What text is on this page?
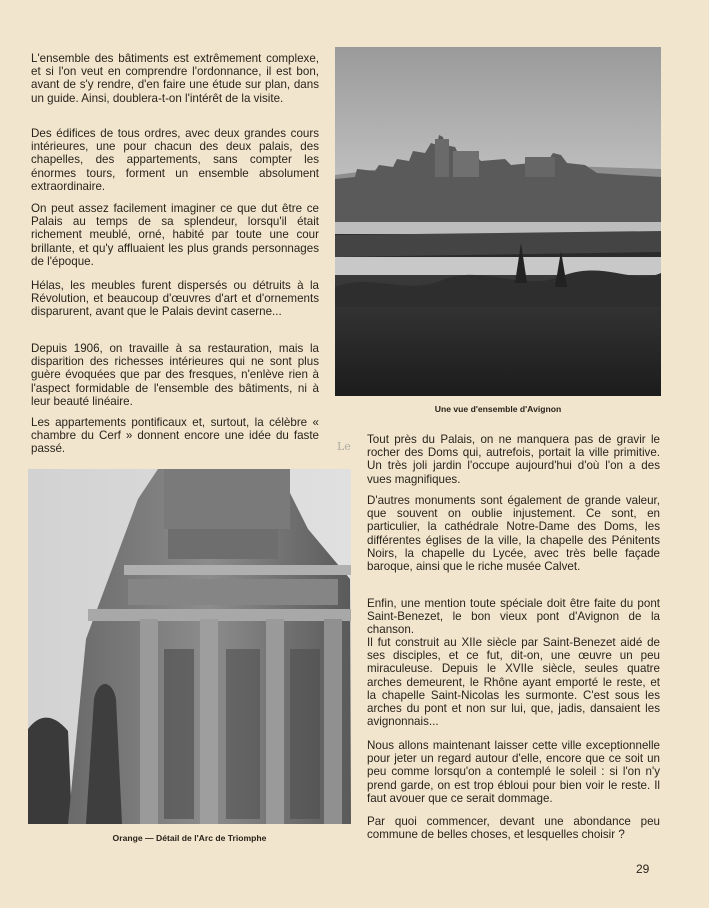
L'ensemble des bâtiments est extrêmement complexe, et si l'on veut en comprendre l'ordonnance, il est bon, avant de s'y rendre, d'en faire une étude sur plan, dans un guide. Ainsi, doublera-t-on l'intérêt de la visite.

Des édifices de tous ordres, avec deux grandes cours intérieures, une pour chacun des deux palais, des chapelles, des appartements, sans compter les énormes tours, forment un ensemble absolument extraordinaire.

On peut assez facilement imaginer ce que dut être ce Palais au temps de sa splendeur, lorsqu'il était richement meublé, orné, habité par toute une cour brillante, et qu'y affluaient les plus grands personnages de l'époque.

Hélas, les meubles furent dispersés ou détruits à la Révolution, et beaucoup d'œuvres d'art et d'ornements disparurent, avant que le Palais devint caserne...

Depuis 1906, on travaille à sa restauration, mais la disparition des richesses intérieures qui ne sont plus guère évoquées que par des fresques, n'enlève rien à l'aspect formidable de l'ensemble des bâtiments, ni à leur beauté linéaire.

Les appartements pontificaux et, surtout, la célèbre « chambre du Cerf » donnent encore une idée du faste passé.

Une vue d'ensemble d'Avignon

Tout près du Palais, on ne manquera pas de gravir le rocher des Doms qui, autrefois, portait la ville primitive. Un très joli jardin l'occupe aujourd'hui d'où l'on a des vues magnifiques.

D'autres monuments sont également de grande valeur, que souvent on oublie injustement. Ce sont, en particulier, la cathédrale Notre-Dame des Doms, les différentes églises de la ville, la chapelle des Pénitents Noirs, la chapelle du Lycée, avec très belle façade baroque, ainsi que le riche musée Calvet.

Enfin, une mention toute spéciale doit être faite du pont Saint-Benezet, le bon vieux pont d'Avignon de la chanson.

Il fut construit au XIIe siècle par Saint-Benezet aidé de ses disciples, et ce fut, dit-on, une œuvre un peu miraculeuse. Depuis le XVIIe siècle, seules quatre arches demeurent, le Rhône ayant emporté le reste, et la chapelle Saint-Nicolas les surmonte. C'est sous les arches du pont et non sur lui, que, jadis, dansaient les avignonnais...

Nous allons maintenant laisser cette ville exceptionnelle pour jeter un regard autour d'elle, encore que ce soit un peu comme lorsqu'on a contemplé le soleil : si l'on n'y prend garde, on est trop ébloui pour bien voir le reste. Il faut avouer que ce serait dommage.

Par quoi commencer, devant une abondance peu commune de belles choses, et lesquelles choisir ?

Orange — Détail de l'Arc de Triomphe
Le
29
